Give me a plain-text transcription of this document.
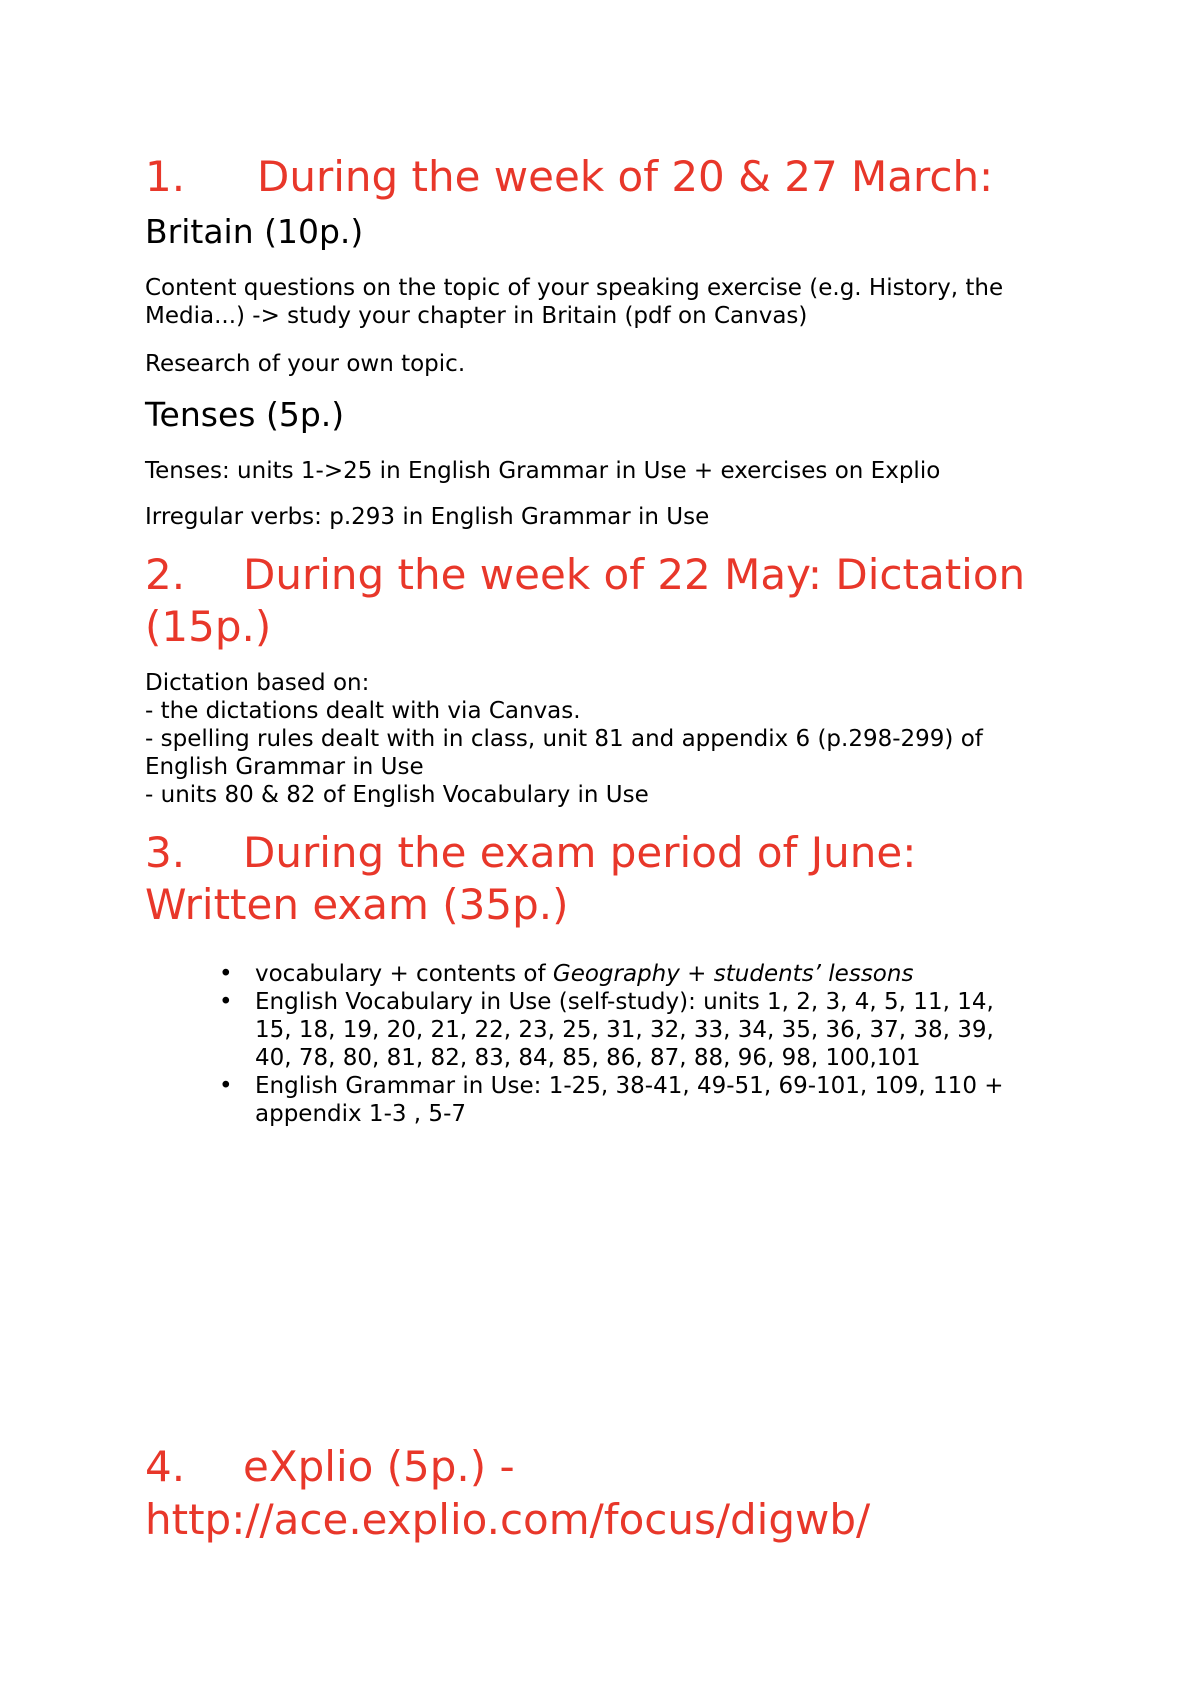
1. During the week of 20 & 27 March:
Britain (10p.)
Content questions on the topic of your speaking exercise (e.g. History, the
Media...) -> study your chapter in Britain (pdf on Canvas)
Research of your own topic.
Tenses (5p.)
Tenses: units 1->25 in English Grammar in Use + exercises on Explio
Irregular verbs: p.293 in English Grammar in Use
2. During the week of 22 May: Dictation
(15p.)
Dictation based on:
- the dictations dealt with via Canvas.
- spelling rules dealt with in class, unit 81 and appendix 6 (p.298-299) of
English Grammar in Use
- units 80 & 82 of English Vocabulary in Use
3. During the exam period of June:
Written exam (35p.)
• vocabulary + contents of Geography + students’ lessons
• English Vocabulary in Use (self-study): units 1, 2, 3, 4, 5, 11, 14,
15, 18, 19, 20, 21, 22, 23, 25, 31, 32, 33, 34, 35, 36, 37, 38, 39,
40, 78, 80, 81, 82, 83, 84, 85, 86, 87, 88, 96, 98, 100,101
• English Grammar in Use: 1-25, 38-41, 49-51, 69-101, 109, 110 +
appendix 1-3 , 5-7
4. eXplio (5p.) -
http://ace.explio.com/focus/digwb/
